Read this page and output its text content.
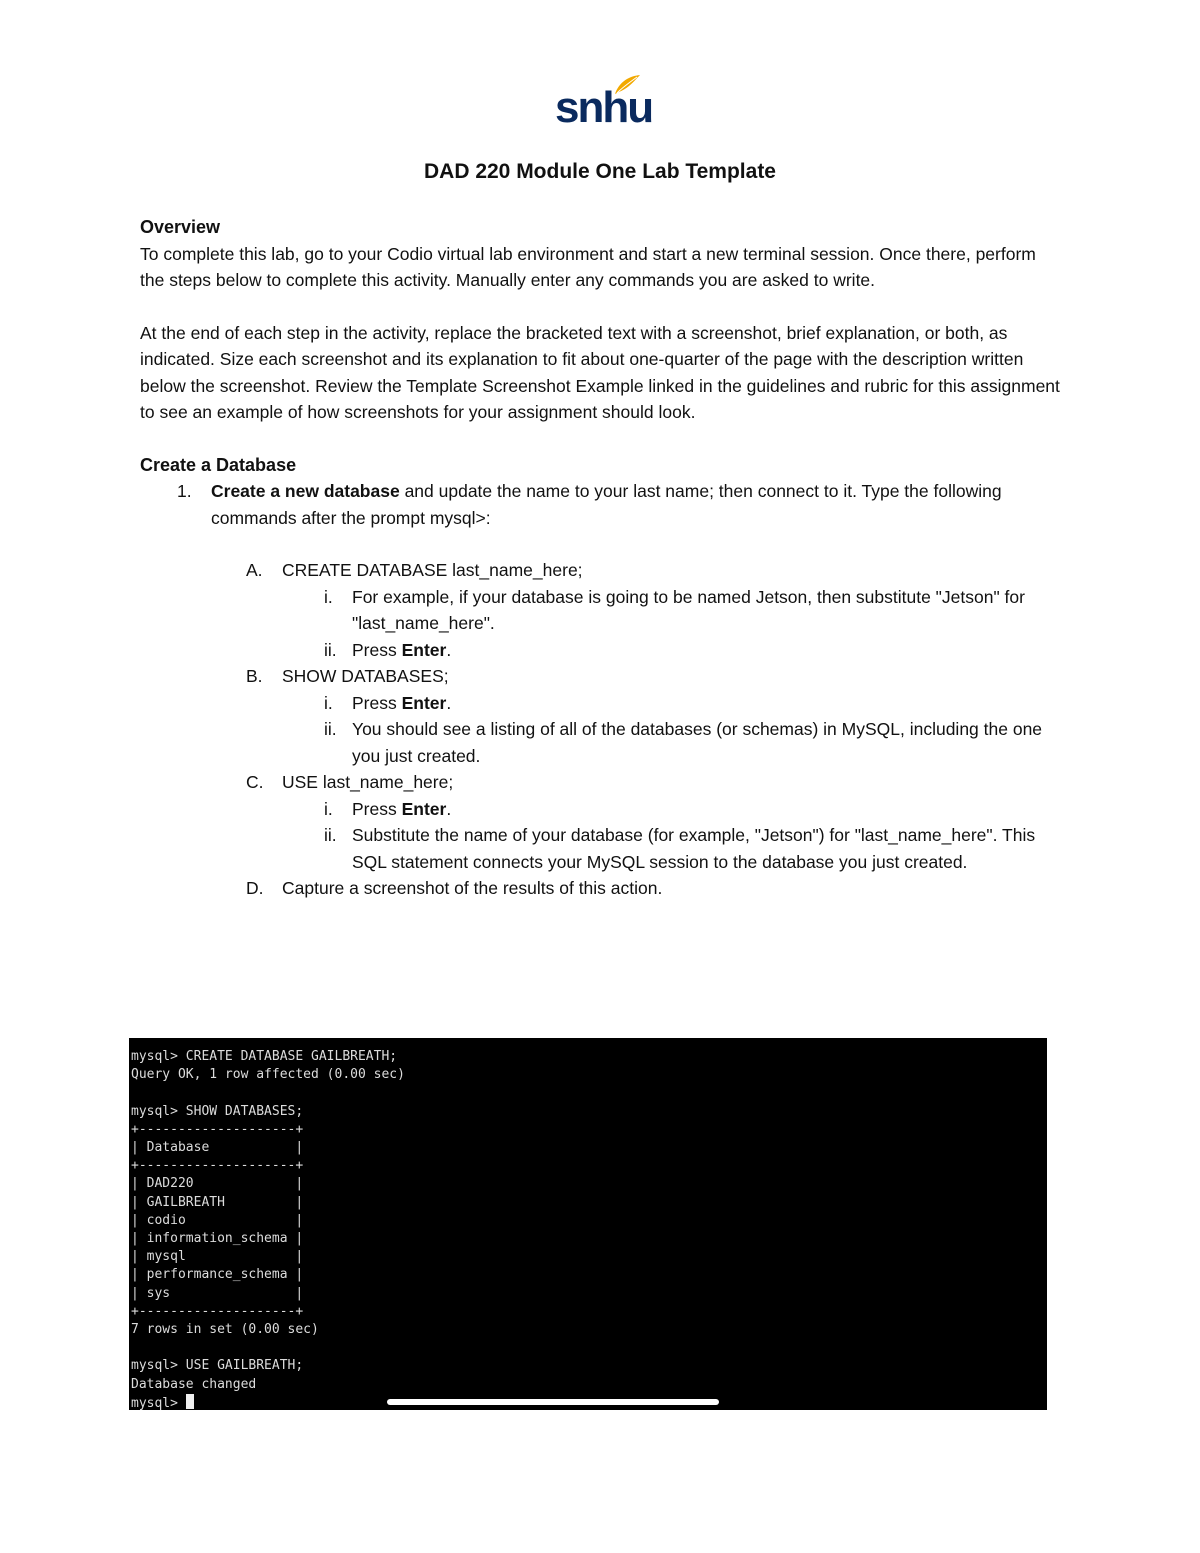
snhu
DAD 220 Module One Lab Template

Overview

To complete this lab, go to your Codio virtual lab environment and start a new terminal session. Once there, perform the steps below to complete this activity. Manually enter any commands you are asked to write.

At the end of each step in the activity, replace the bracketed text with a screenshot, brief explanation, or both, as indicated. Size each screenshot and its explanation to fit about one-quarter of the page with the description written below the screenshot. Review the Template Screenshot Example linked in the guidelines and rubric for this assignment to see an example of how screenshots for your assignment should look.

Create a Database

1.	Create a new database and update the name to your last name; then connect to it. Type the following commands after the prompt mysql>:
A.	CREATE DATABASE last_name_here;
i.	For example, if your database is going to be named Jetson, then substitute "Jetson" for "last_name_here".
ii. Press Enter.
B.	SHOW DATABASES;
i.	Press Enter.
ii. You should see a listing of all of the databases (or schemas) in MySQL, including the one you just created.
C.	USE last_name_here;
i.	Press Enter.
ii. Substitute the name of your database (for example, "Jetson") for "last_name_here". This SQL statement connects your MySQL session to the database you just created.
D.	Capture a screenshot of the results of this action.
mysql> CREATE DATABASE GAILBREATH;
Query OK, 1 row affected (0.00 sec)

mysql> SHOW DATABASES;
+--------------------+
| Database           |
+--------------------+
| DAD220             |
| GAILBREATH         |
| codio              |
| information_schema |
| mysql              |
| performance_schema |
| sys                |
+--------------------+
7 rows in set (0.00 sec)

mysql> USE GAILBREATH;
Database changed
mysql>
